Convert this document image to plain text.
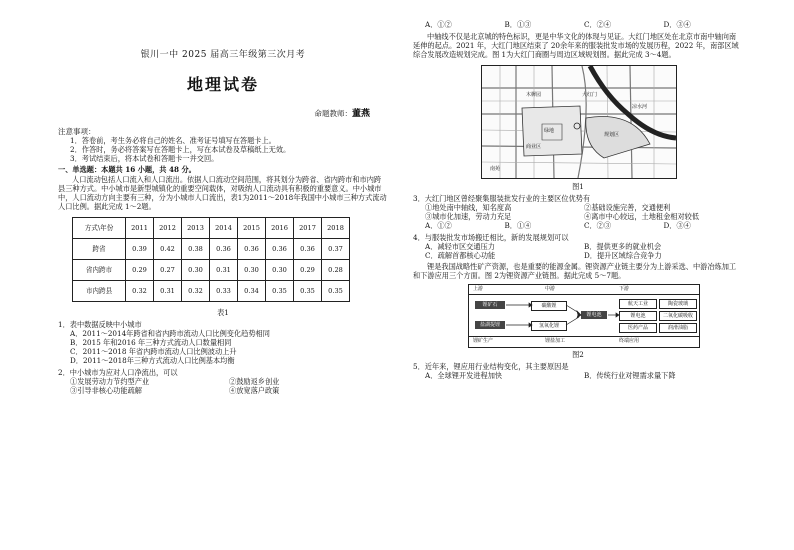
银川一中 2025 届高三年级第三次月考

地理试卷

命题教师：董燕

注意事项：

1．答卷前，考生务必将自己的姓名、准考证号填写在答题卡上。

2．作答时，务必将答案写在答题卡上，写在本试卷及草稿纸上无效。

3．考试结束后，将本试卷和答题卡一并交回。

一、单选题：本题共 16 小题，共 48 分。

人口流动包括人口流入和人口流出。依据人口流动空间范围，将其划分为跨省、省内跨市和市内跨县三种方式。中小城市是新型城镇化的重要空间载体，对吸纳人口流动具有积极的重要意义。中小城市中，人口流动方向主要有三种，分为小城市人口流出，表1为2011～2018年我国中小城市三种方式流动人口比例。据此完成 1～2题。

方式\年份	2011	2012	2013	2014	2015	2016	2017	2018
跨省	0.39	0.42	0.38	0.36	0.36	0.36	0.36	0.37
省内跨市	0.29	0.27	0.30	0.31	0.30	0.30	0.29	0.28
市内跨县	0.32	0.31	0.32	0.33	0.34	0.35	0.35	0.35

表1

1．表中数据反映中小城市

A．2011～2014年跨省和省内跨市流动人口比例变化趋势相同

B．2015 年和2016 年三种方式流动人口数量相同

C．2011～2018 年省内跨市流动人口比例波动上升

D．2011～2018年三种方式流动人口比例基本均衡

2．中小城市为应对人口净流出，可以

①发展劳动力节约型产业	②鼓励返乡创业
③引导非核心功能疏解	④放宽落户政策
A．①②	B．①③	C．②④	D．③④

中轴线不仅是北京城的特色标识，更是中华文化的体现与见证。大红门地区处在北京市南中轴向南延伸的起点。2021 年，大红门地区结束了 20余年来的服装批发市场的发展历程，2022 年，南部区域综合发展改造规划完成。图 1为大红门商圈与周边区域规划图。据此完成 3～4题。

大红门
木樨园
绿地
规划区
商业区
南苑
凉水河

图1

3．大红门地区曾经聚集服装批发行业的主要区位优势有

①地处南中轴线，知名度高	②基础设施完善，交通便利
③城市化加速，劳动力充足	④离市中心较远，土地租金相对较低
A．①②	B．①④	C．②③	D．③④

4．与服装批发市场搬迁相比，新的发展规划可以

A．减轻市区交通压力	B．提供更多的就业机会
C．疏解首都核心功能	D．提升区域综合竞争力

锂是我国战略性矿产资源，也是重要的能源金属。锂资源产业链主要分为上游采选、中游冶炼加工和下游应用三个方面。图 2为锂资源产业链图。据此完成 5～7题。

上游	中游	下游
锂矿石
盐湖提锂
碳酸锂
氢氧化锂
锂电池
航天工业	陶瓷玻璃
锂电池	二氧化碳吸收
医药产品	润滑油脂
锂矿生产	锂盐加工	终端应用

图2

5．近年来，锂应用行业结构变化，其主要原因是

A．全球锂开发进程加快	B．传统行业对锂需求量下降
